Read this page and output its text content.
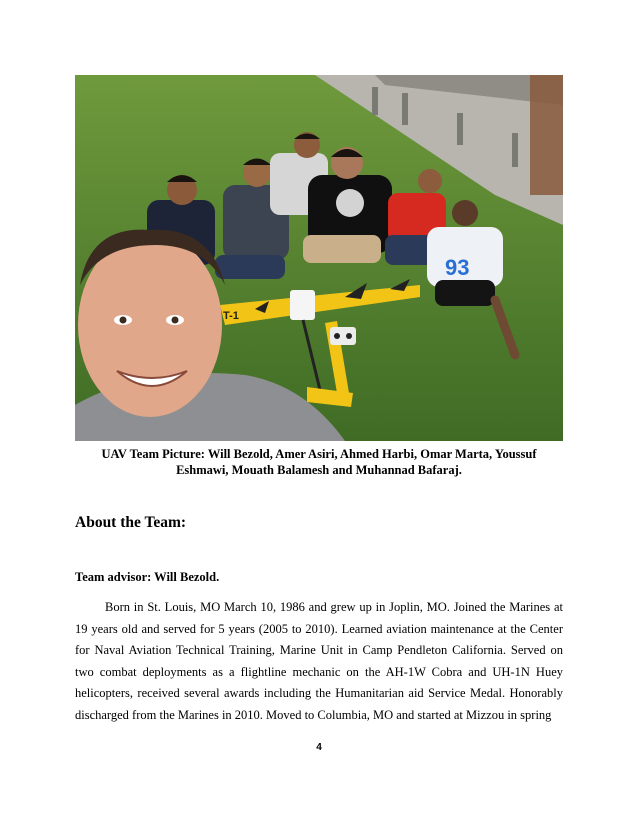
93
T-1
UAV Team Picture: Will Bezold, Amer Asiri, Ahmed Harbi, Omar Marta, Youssuf Eshmawi, Mouath Balamesh and Muhannad Bafaraj.
About the Team:
Team advisor: Will Bezold.
Born in St. Louis, MO March 10, 1986 and grew up in Joplin, MO. Joined the Marines at 19 years old and served for 5 years (2005 to 2010). Learned aviation maintenance at the Center for Naval Aviation Technical Training, Marine Unit in Camp Pendleton California. Served on two combat deployments as a flightline mechanic on the AH-1W Cobra and UH-1N Huey helicopters, received several awards including the Humanitarian aid Service Medal. Honorably discharged from the Marines in 2010. Moved to Columbia, MO and started at Mizzou in spring
4
